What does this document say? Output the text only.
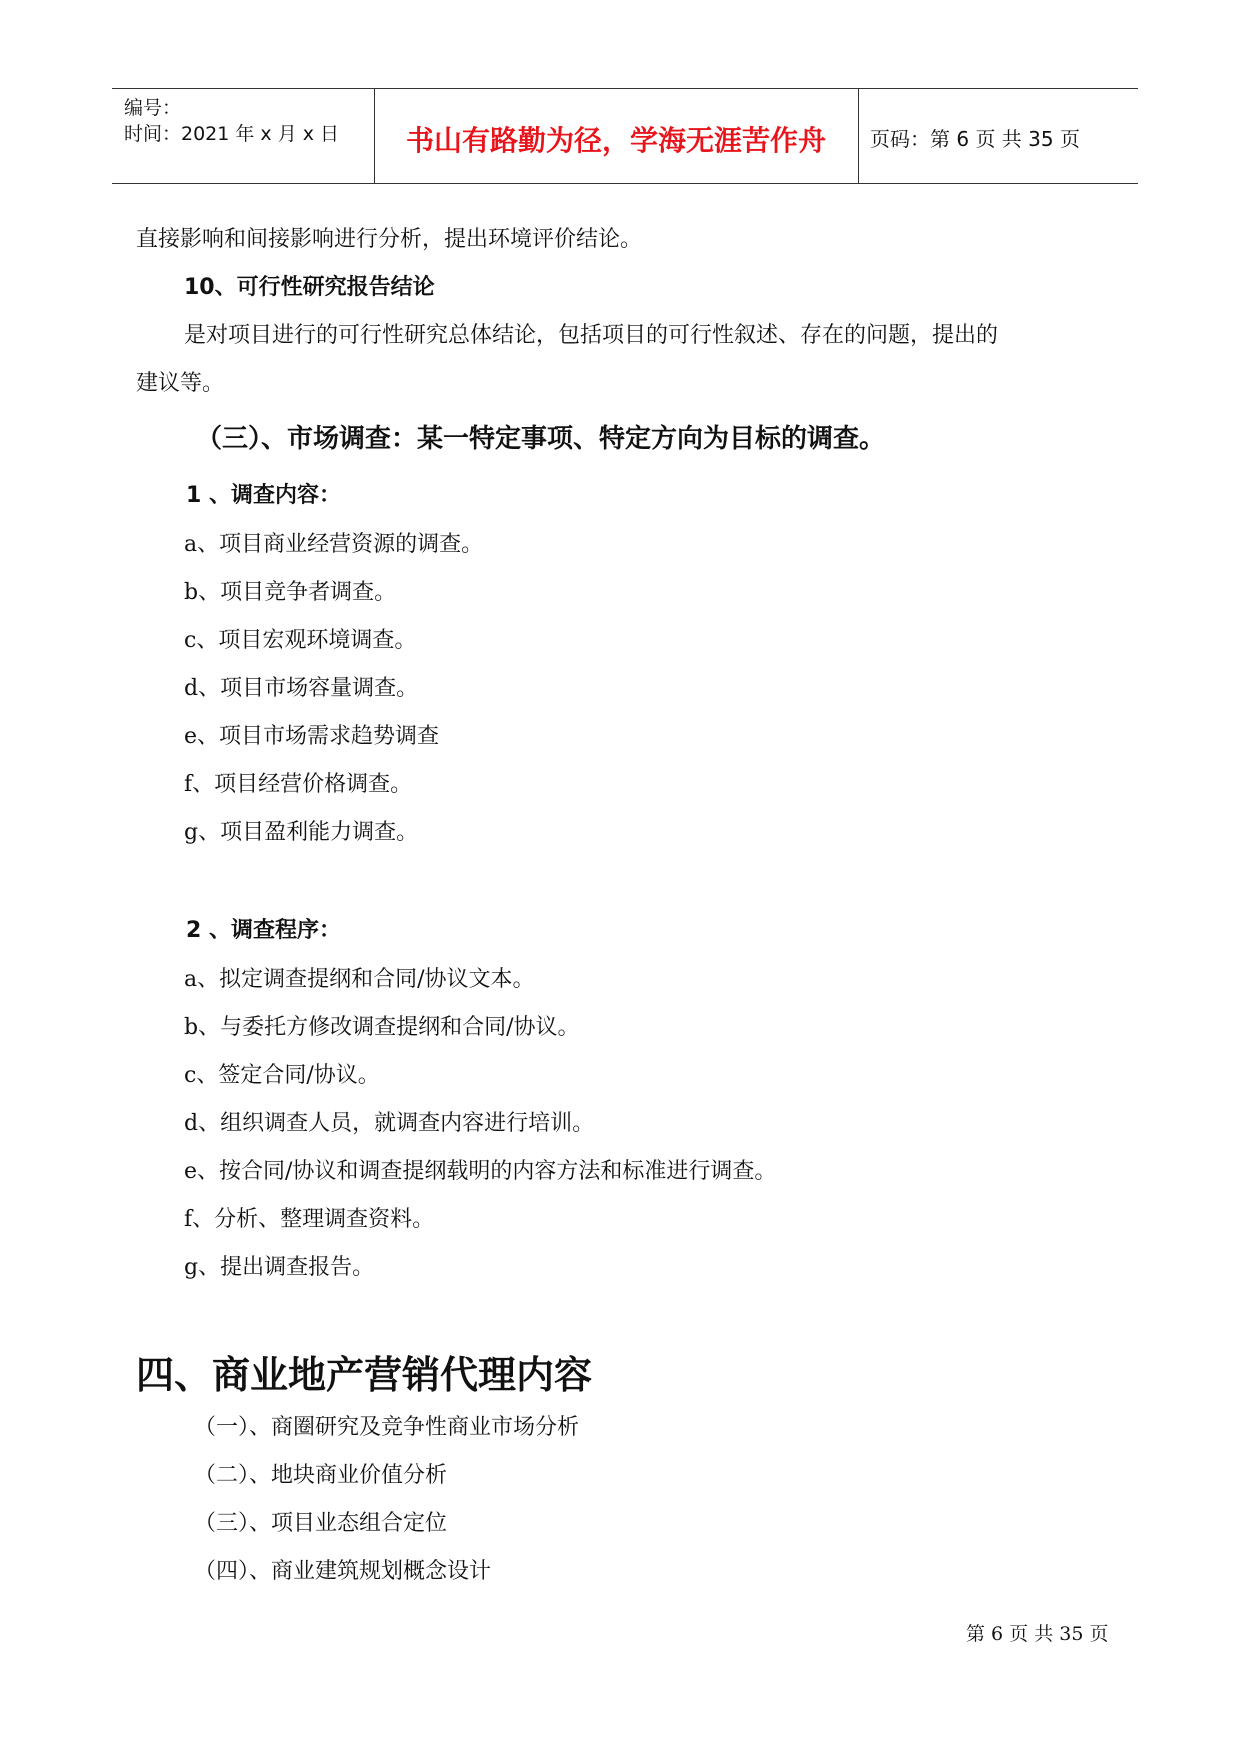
编号：
时间：2021 年 x 月 x 日	书山有路勤为径，学海无涯苦作舟	页码：第 6 页 共 35 页
直接影响和间接影响进行分析，提出环境评价结论。
10、可行性研究报告结论
是对项目进行的可行性研究总体结论，包括项目的可行性叙述、存在的问题，提出的
建议等。
（三）、市场调查：某一特定事项、特定方向为目标的调查。
1 、调查内容：
a、项目商业经营资源的调查。
b、项目竞争者调查。
c、项目宏观环境调查。
d、项目市场容量调查。
e、项目市场需求趋势调查
f、项目经营价格调查。
g、项目盈利能力调查。
2 、调查程序：
a、拟定调查提纲和合同/协议文本。
b、与委托方修改调查提纲和合同/协议。
c、签定合同/协议。
d、组织调查人员，就调查内容进行培训。
e、按合同/协议和调查提纲载明的内容方法和标准进行调查。
f、分析、整理调查资料。
g、提出调查报告。
四、商业地产营销代理内容
（一）、商圈研究及竞争性商业市场分析
（二）、地块商业价值分析
（三）、项目业态组合定位
（四）、商业建筑规划概念设计
第 6 页 共 35 页
